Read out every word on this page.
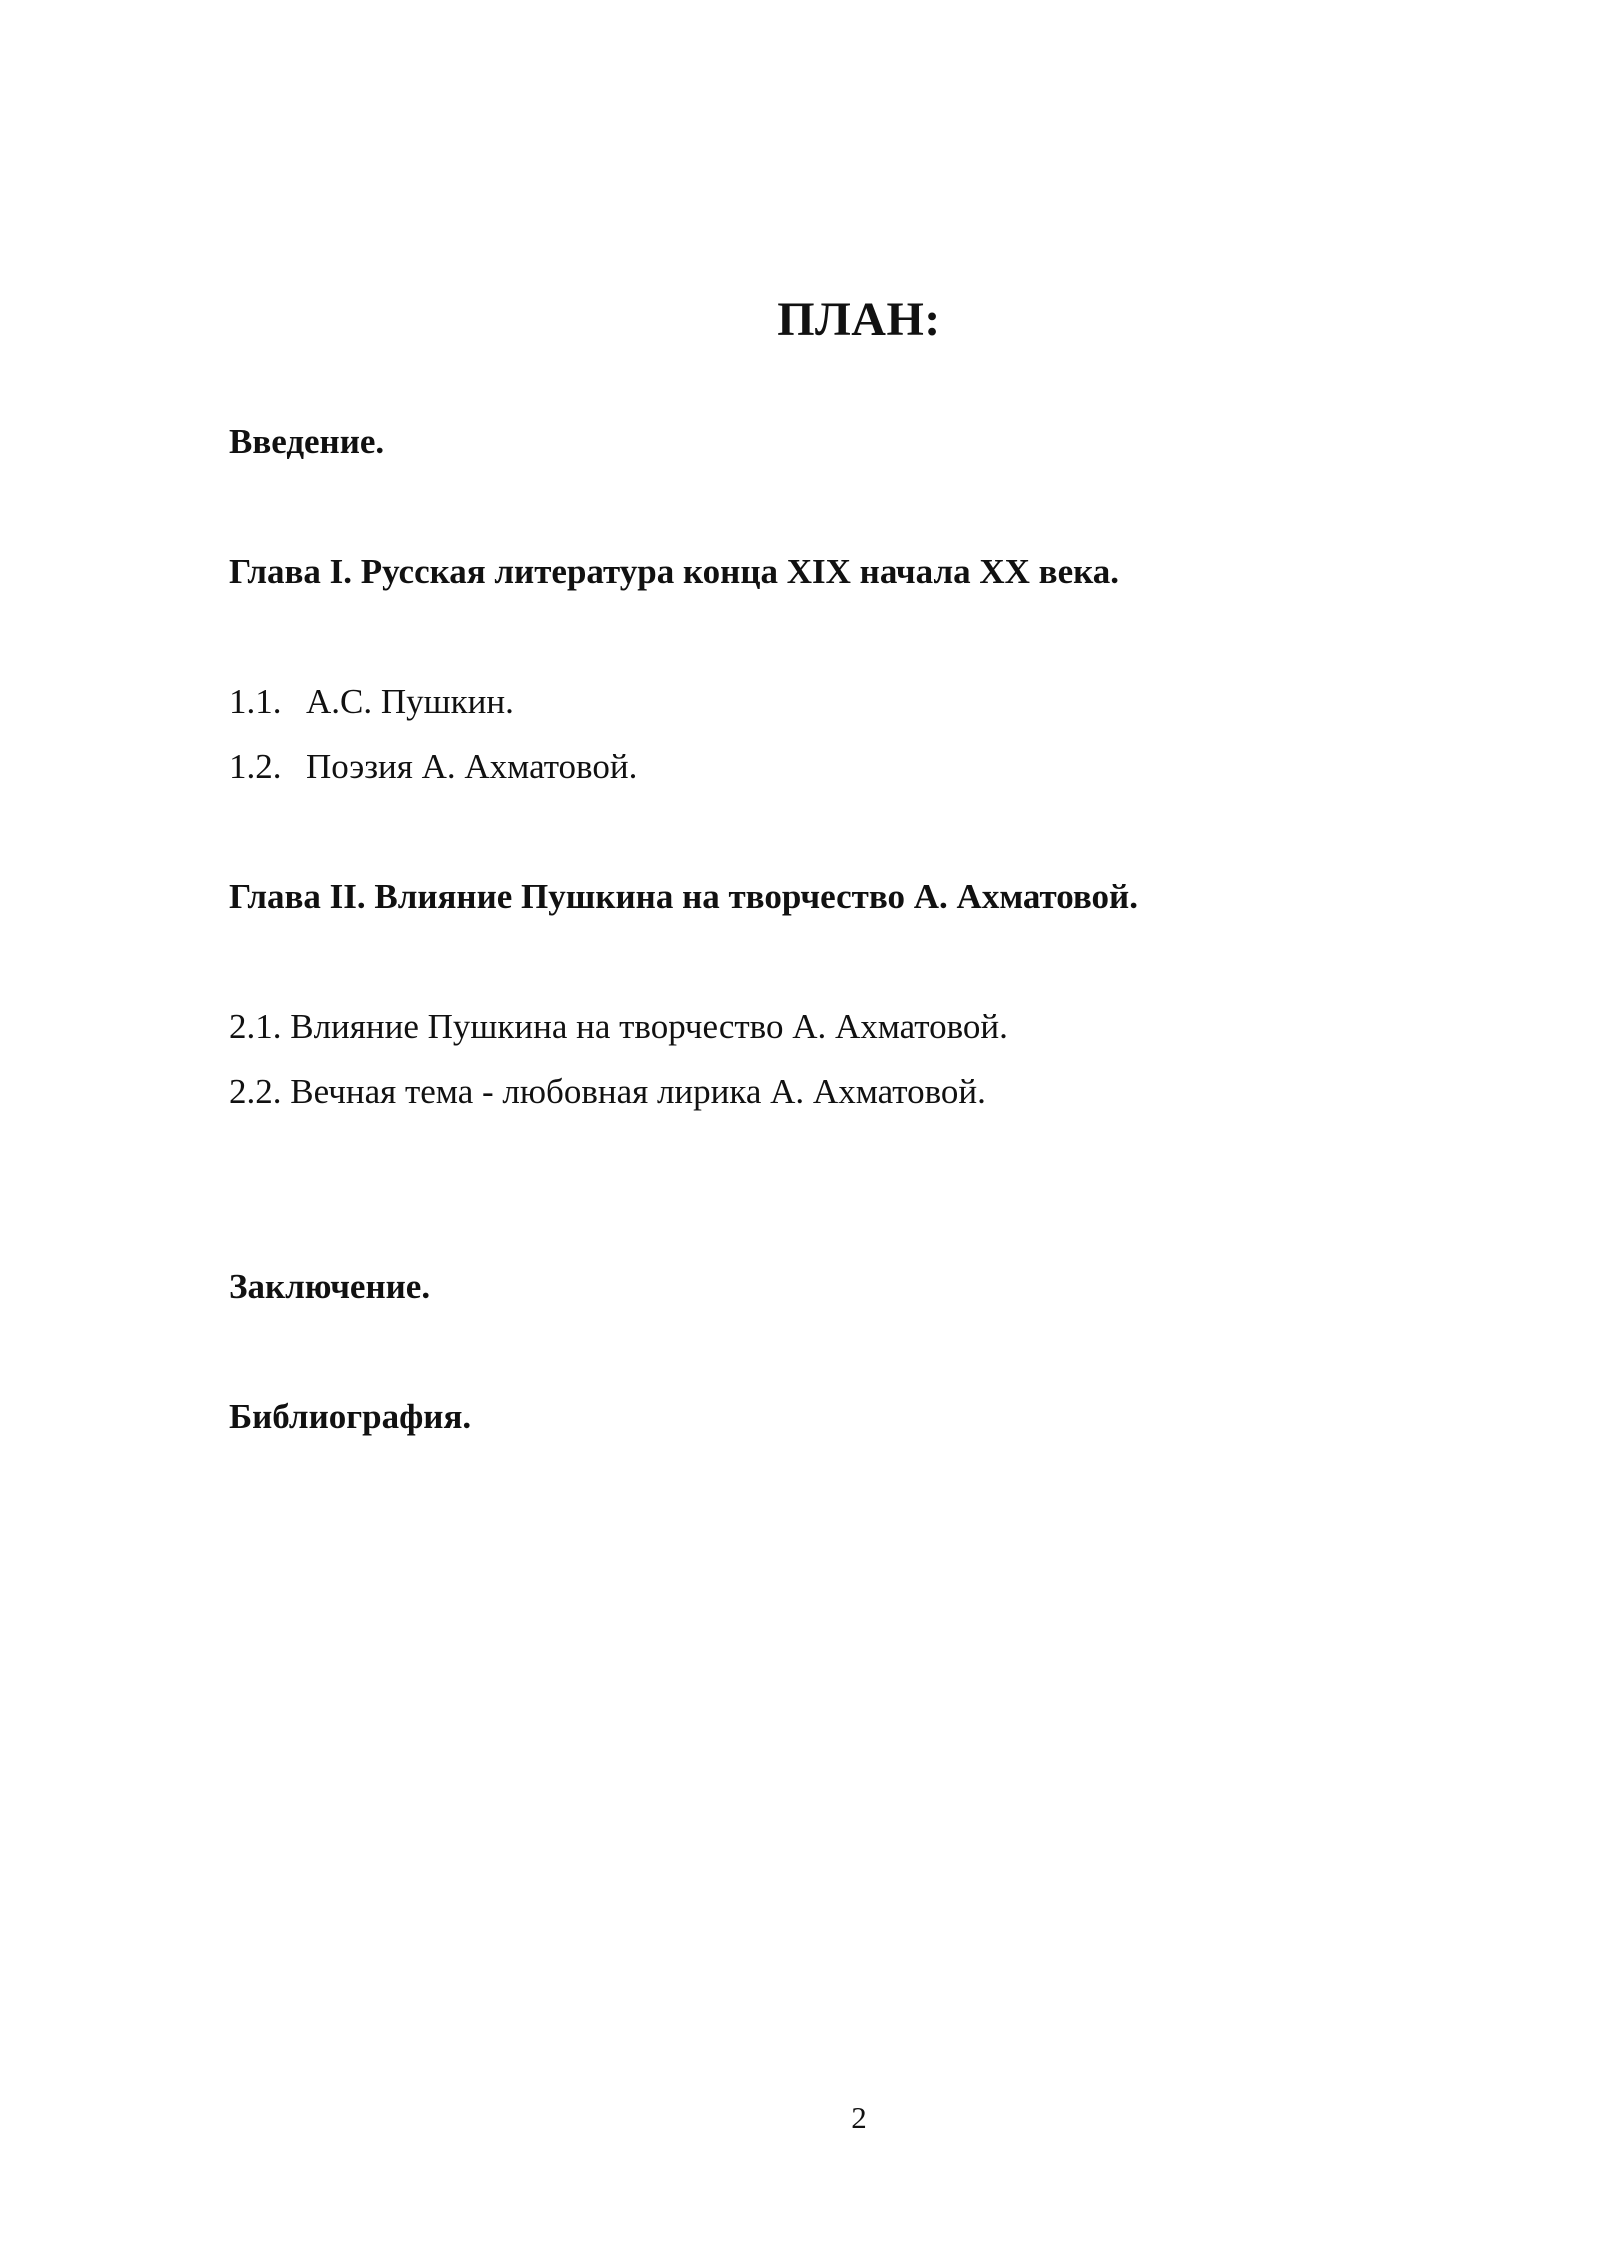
ПЛАН:
Введение.
Глава I. Русская литература конца XIX начала XX века.
1.1. А.С. Пушкин.
1.2. Поэзия А. Ахматовой.
Глава II. Влияние Пушкина на творчество А. Ахматовой.
2.1. Влияние Пушкина на творчество А. Ахматовой.
2.2. Вечная тема - любовная лирика А. Ахматовой.
Заключение.
Библиография.
2
